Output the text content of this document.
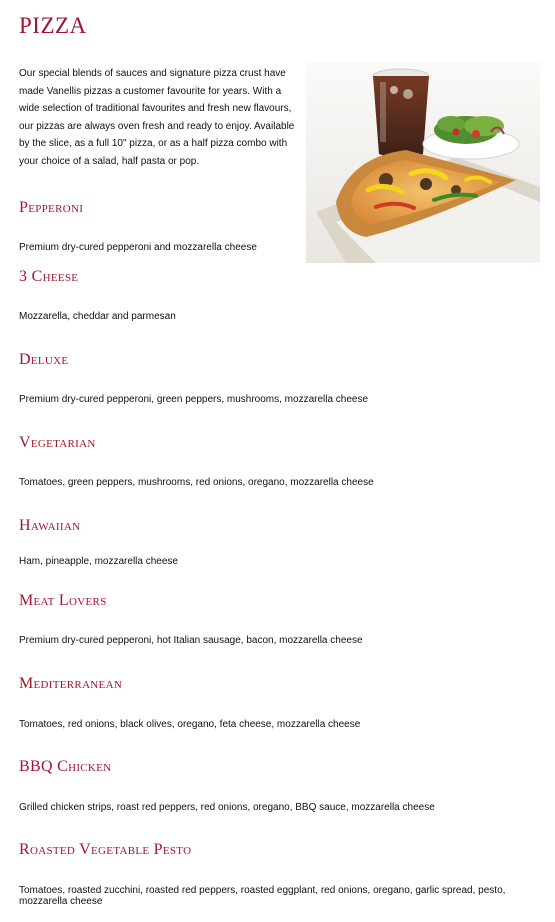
PIZZA

Our special blends of sauces and signature pizza crust have made Vanellis pizzas a customer favourite for years. With a wide selection of traditional favourites and fresh new flavours, our pizzas are always oven fresh and ready to enjoy. Available by the slice, as a full 10" pizza, or as a half pizza combo with your choice of a salad, half pasta or pop.

Pepperoni

Premium dry-cured pepperoni and mozzarella cheese

3 Cheese

Mozzarella, cheddar and parmesan

Deluxe

Premium dry-cured pepperoni, green peppers, mushrooms, mozzarella cheese

Vegetarian

Tomatoes, green peppers, mushrooms, red onions, oregano, mozzarella cheese

Hawaiian

Ham, pineapple, mozzarella cheese

Meat Lovers

Premium dry-cured pepperoni, hot Italian sausage, bacon, mozzarella cheese

Mediterranean

Tomatoes, red onions, black olives, oregano, feta cheese, mozzarella cheese

BBQ Chicken

Grilled chicken strips, roast red peppers, red onions, oregano, BBQ sauce, mozzarella cheese

Roasted Vegetable Pesto

Tomatoes, roasted zucchini, roasted red peppers, roasted eggplant, red onions, oregano, garlic spread, pesto, mozzarella cheese
